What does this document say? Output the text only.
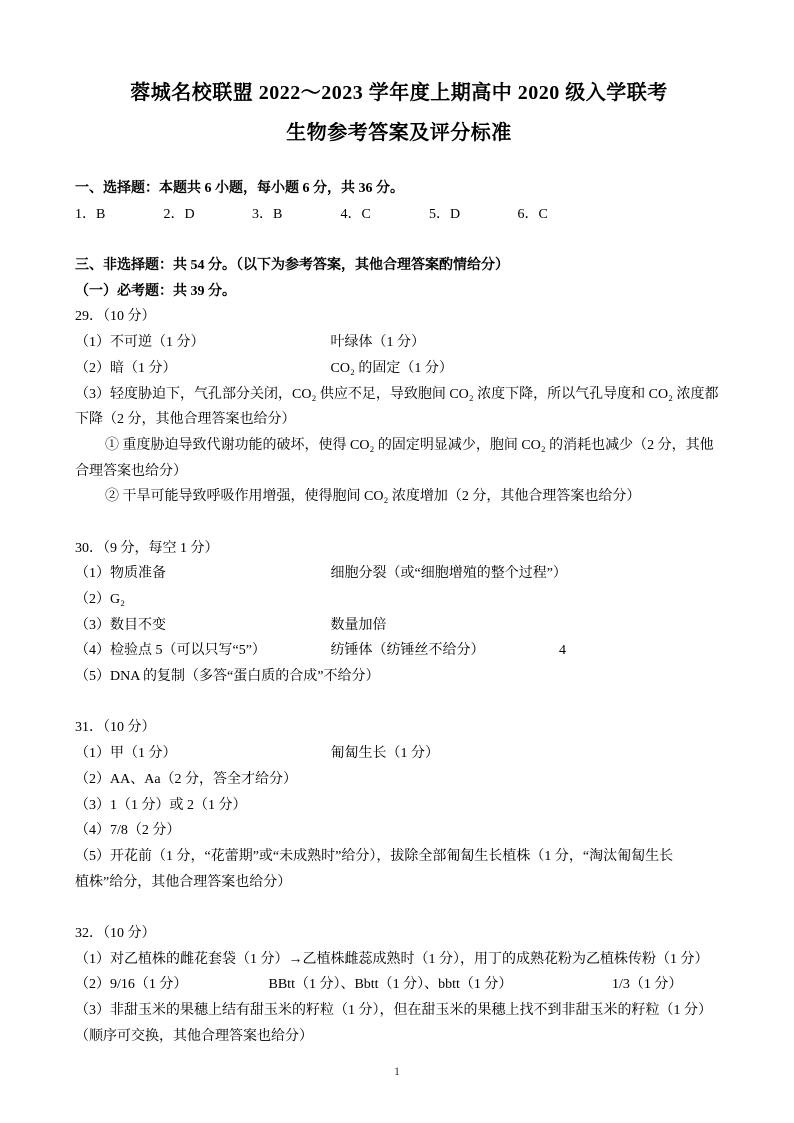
蓉城名校联盟 2022～2023 学年度上期高中 2020 级入学联考
生物参考答案及评分标准
一、选择题：本题共 6 小题，每小题 6 分，共 36 分。
1．B	2．D	3．B	4．C	5．D	6．C
三、非选择题：共 54 分。（以下为参考答案，其他合理答案酌情给分）
（一）必考题：共 39 分。
29．（10 分）
（1）不可逆（1 分）	叶绿体（1 分）
（2）暗（1 分）	CO₂ 的固定（1 分）
（3）轻度胁迫下，气孔部分关闭，CO₂ 供应不足，导致胞间 CO₂ 浓度下降，所以气孔导度和 CO₂ 浓度都
下降（2 分，其他合理答案也给分）
① 重度胁迫导致代谢功能的破坏，使得 CO₂ 的固定明显减少，胞间 CO₂ 的消耗也减少（2 分，其他
合理答案也给分）
② 干旱可能导致呼吸作用增强，使得胞间 CO₂ 浓度增加（2 分，其他合理答案也给分）
30．（9 分，每空 1 分）
（1）物质准备	细胞分裂（或“细胞增殖的整个过程”）
（2）G₂
（3）数目不变	数量加倍
（4）检验点 5（可以只写“5”）	纺锤体（纺锤丝不给分）	4
（5）DNA 的复制（多答“蛋白质的合成”不给分）
31．（10 分）
（1）甲（1 分）	匍匐生长（1 分）
（2）AA、Aa（2 分，答全才给分）
（3）1（1 分）或 2（1 分）
（4）7/8（2 分）
（5）开花前（1 分，“花蕾期”或“未成熟时”给分），拔除全部匍匐生长植株（1 分，“淘汰匍匐生长
植株”给分，其他合理答案也给分）
32．（10 分）
（1）对乙植株的雌花套袋（1 分）→乙植株雌蕊成熟时（1 分），用丁的成熟花粉为乙植株传粉（1 分）
（2）9/16（1 分）	BBtt（1 分）、Bbtt（1 分）、bbtt（1 分）	1/3（1 分）
（3）非甜玉米的果穗上结有甜玉米的籽粒（1 分），但在甜玉米的果穗上找不到非甜玉米的籽粒（1 分）
（顺序可交换，其他合理答案也给分）
1
